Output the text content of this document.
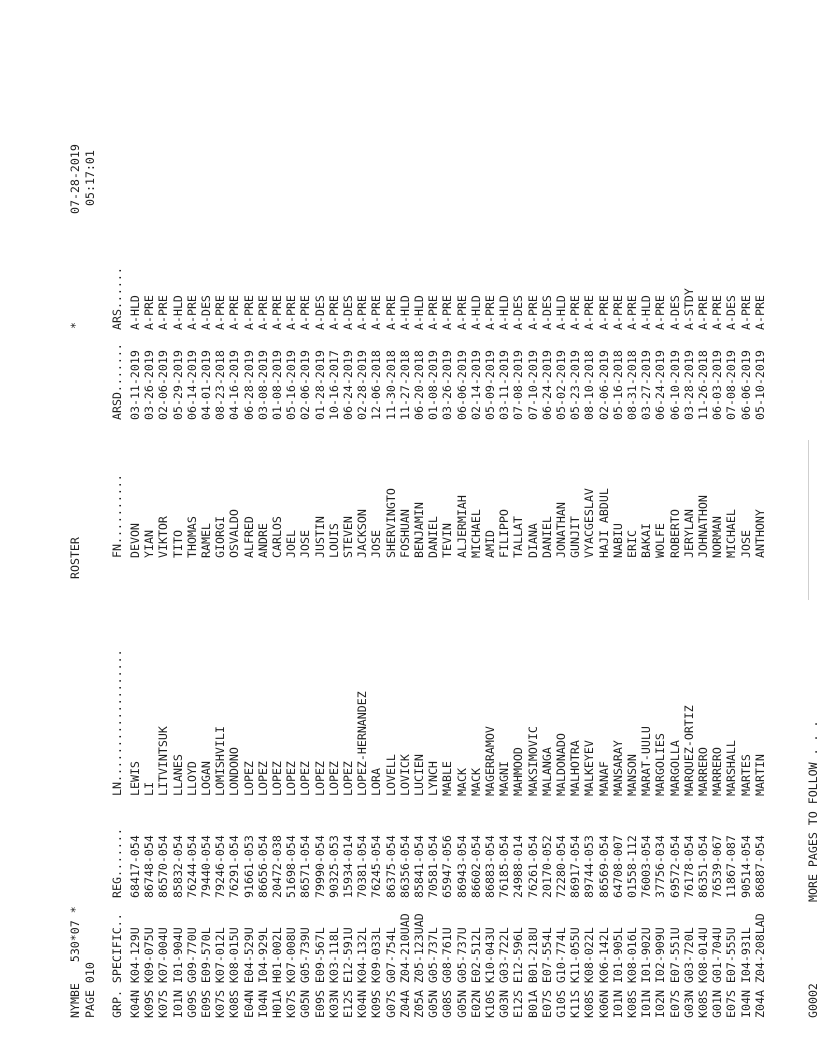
NYMBE   530*07 * PAGE 010
ROSTER
*
07-28-2019 05:17:01

GRP. SPECIFIC..

REG.......

LN...................

FN..........

ARSD.......

ARS......

K04N K04-129U
68417-054
LEWIS
DEVON
03-11-2019
A-HLD
K09S K09-075U
86748-054
LI
YIAN
03-26-2019
A-PRE
K07S K07-004U
86570-054
LITVINTSUK
VIKTOR
02-06-2019
A-PRE
I01N I01-904U
85832-054
LLANES
TITO
05-29-2019
A-HLD
G09S G09-770U
76244-054
LLOYD
THOMAS
06-14-2019
A-PRE
E09S E09-570L
79440-054
LOGAN
RAMEL
04-01-2019
A-DES
K07S K07-012L
79246-054
LOMISHVILI
GIORGI
08-23-2018
A-PRE
K08S K08-015U
76291-054
LONDONO
OSVALDO
04-16-2019
A-PRE
E04N E04-529U
91661-053
LOPEZ
ALFRED
06-28-2019
A-PRE
I04N I04-929L
86656-054
LOPEZ
ANDRE
03-08-2019
A-PRE
H01A H01-002L
20472-038
LOPEZ
CARLOS
01-08-2019
A-PRE
K07S K07-008U
51698-054
LOPEZ
JOEL
05-16-2019
A-PRE
G05N G05-739U
86571-054
LOPEZ
JOSE
02-06-2019
A-PRE
E09S E09-567L
79990-054
LOPEZ
JUSTIN
01-28-2019
A-DES
K03N K03-118L
90325-053
LOPEZ
LOUIS
10-16-2017
A-PRE
E12S E12-591U
15934-014
LOPEZ
STEVEN
06-24-2019
A-DES
K04N K04-132L
70381-054
LOPEZ-HERNANDEZ
JACKSON
02-28-2019
A-PRE
K09S K09-033L
76245-054
LORA
JOSE
12-06-2018
A-PRE
G07S G07-754L
86375-054
LOVELL
SHERVINGTO
11-30-2018
A-PRE
Z04A Z04-210UAD
86356-054
LOVICK
FOSHUAN
11-27-2018
A-HLD
Z05A Z05-123UAD
85841-054
LUCIEN
BENJAMIN
06-20-2018
A-HLD
G05N G05-737L
70581-054
LYNCH
DANIEL
01-08-2019
A-PRE
G08S G08-761U
65947-056
MABLE
TEVIN
03-26-2019
A-PRE
G05N G05-737U
86943-054
MACK
ALJERMIAH
06-06-2019
A-PRE
E02N E02-512L
86602-054
MACK
MICHAEL
02-14-2019
A-HLD
K10S K10-043U
86883-054
MAGERRAMOV
AMID
05-09-2019
A-PRE
G03N G03-722L
76185-054
MAGNI
FILIPPO
03-11-2019
A-HLD
E12S E12-596L
24988-014
MAHMOOD
TALLAT
07-08-2019
A-DES
B01A B01-218U
76261-054
MAKSIMOVIC
DIANA
07-10-2019
A-PRE
E07S E07-554L
20170-052
MALANGA
DANIEL
06-24-2019
A-DES
G10S G10-774L
72280-054
MALDONADO
JONATHAN
05-02-2019
A-HLD
K11S K11-055U
86917-054
MALHOTRA
GUNJIT
05-23-2019
A-PRE
K08S K08-022L
89744-053
MALKEYEV
VYACGESLAV
08-10-2018
A-PRE
K06N K06-142L
86569-054
MANAF
HAJI ABDUL
02-06-2019
A-PRE
I01N I01-905L
64708-007
MANSARAY
NABIU
05-16-2018
A-PRE
K08S K08-016L
01558-112
MANSON
ERIC
08-31-2018
A-PRE
I01N I01-902U
76003-054
MARAT-UULU
BAKAI
03-27-2019
A-HLD
I02N I02-909U
37756-034
MARGOLIES
WOLFE
06-24-2019
A-PRE
E07S E07-551U
69572-054
MARGOLLA
ROBERTO
06-10-2019
A-DES
G03N G03-720L
76178-054
MARQUEZ-ORTIZ
JERYLAN
03-28-2019
A-STDY
K08S K08-014U
86351-054
MARRERO
JOHNATHON
11-26-2018
A-PRE
G01N G01-704U
76539-067
MARRERO
NORMAN
06-03-2019
A-PRE
E07S E07-555U
11867-087
MARSHALL
MICHAEL
07-08-2019
A-DES
I04N I04-931L
90514-054
MARTES
JOSE
06-06-2019
A-PRE
Z04A Z04-208LAD
86887-054
MARTIN
ANTHONY
05-10-2019
A-PRE
G0002
MORE PAGES TO FOLLOW . . .
